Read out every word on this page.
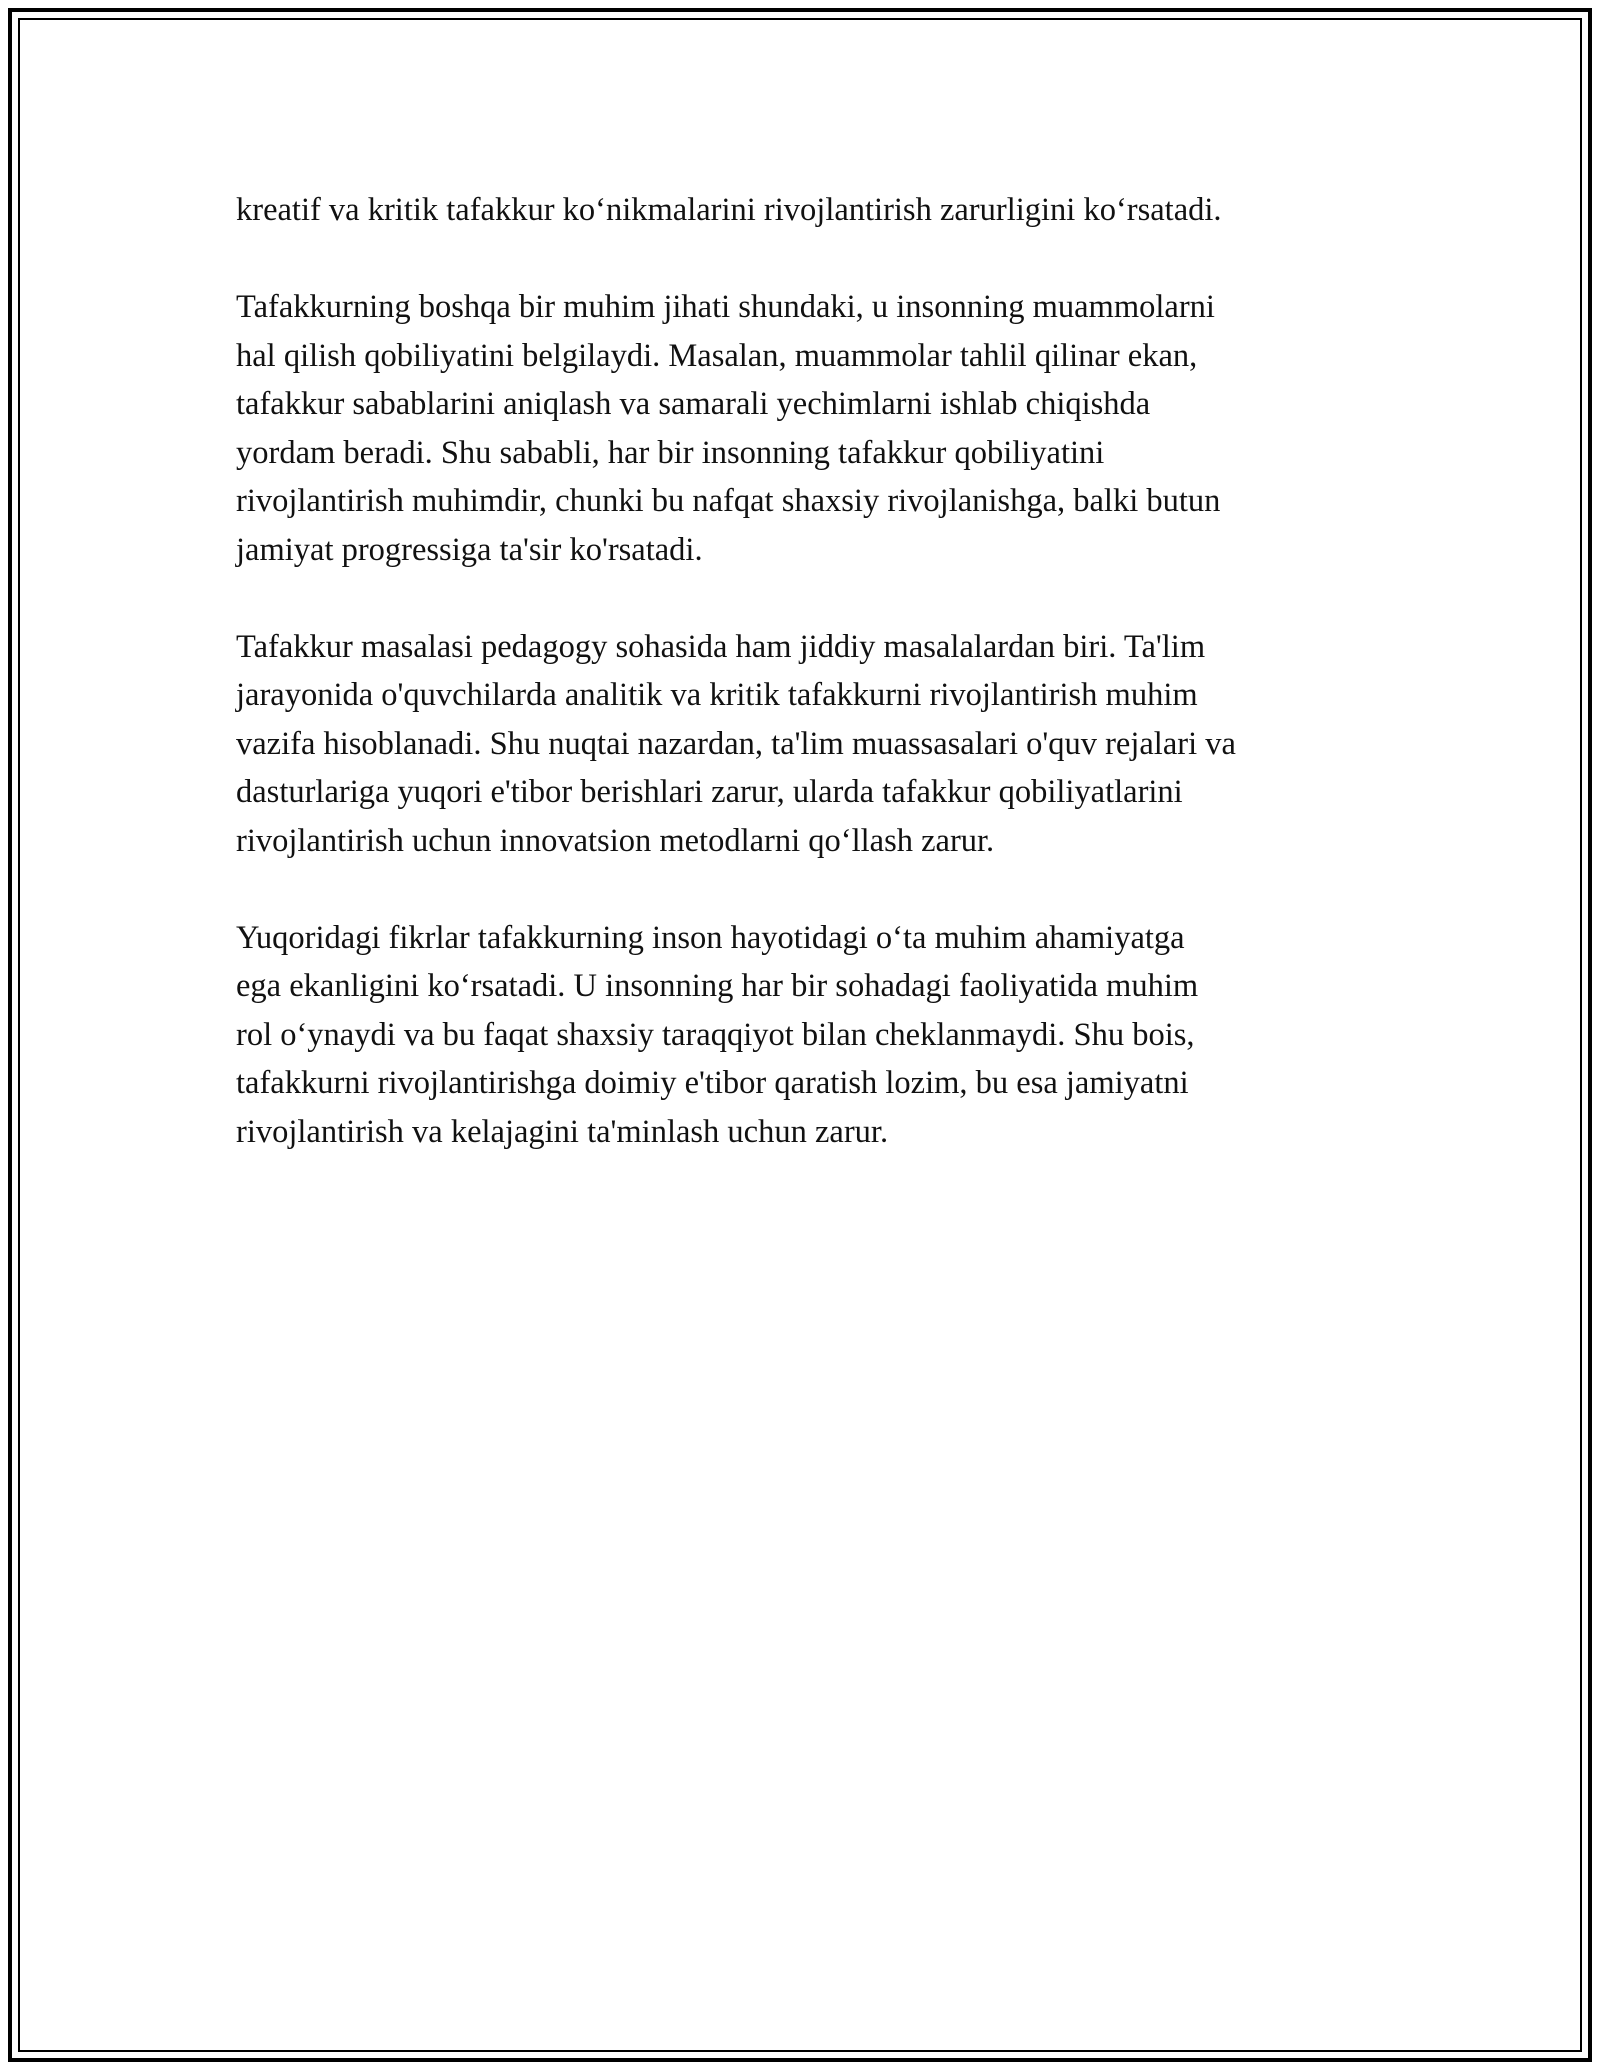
kreatif va kritik tafakkur ko‘nikmalarini rivojlantirish zarurligini ko‘rsatadi.

Tafakkurning boshqa bir muhim jihati shundaki, u insonning muammolarni
hal qilish qobiliyatini belgilaydi. Masalan, muammolar tahlil qilinar ekan,
tafakkur sabablarini aniqlash va samarali yechimlarni ishlab chiqishda
yordam beradi. Shu sababli, har bir insonning tafakkur qobiliyatini
rivojlantirish muhimdir, chunki bu nafqat shaxsiy rivojlanishga, balki butun
jamiyat progressiga ta'sir ko'rsatadi.

Tafakkur masalasi pedagogy sohasida ham jiddiy masalalardan biri. Ta'lim
jarayonida o'quvchilarda analitik va kritik tafakkurni rivojlantirish muhim
vazifa hisoblanadi. Shu nuqtai nazardan, ta'lim muassasalari o'quv rejalari va
dasturlariga yuqori e'tibor berishlari zarur, ularda tafakkur qobiliyatlarini
rivojlantirish uchun innovatsion metodlarni qo‘llash zarur.

Yuqoridagi fikrlar tafakkurning inson hayotidagi o‘ta muhim ahamiyatga
ega ekanligini ko‘rsatadi. U insonning har bir sohadagi faoliyatida muhim
rol o‘ynaydi va bu faqat shaxsiy taraqqiyot bilan cheklanmaydi. Shu bois,
tafakkurni rivojlantirishga doimiy e'tibor qaratish lozim, bu esa jamiyatni
rivojlantirish va kelajagini ta'minlash uchun zarur.
